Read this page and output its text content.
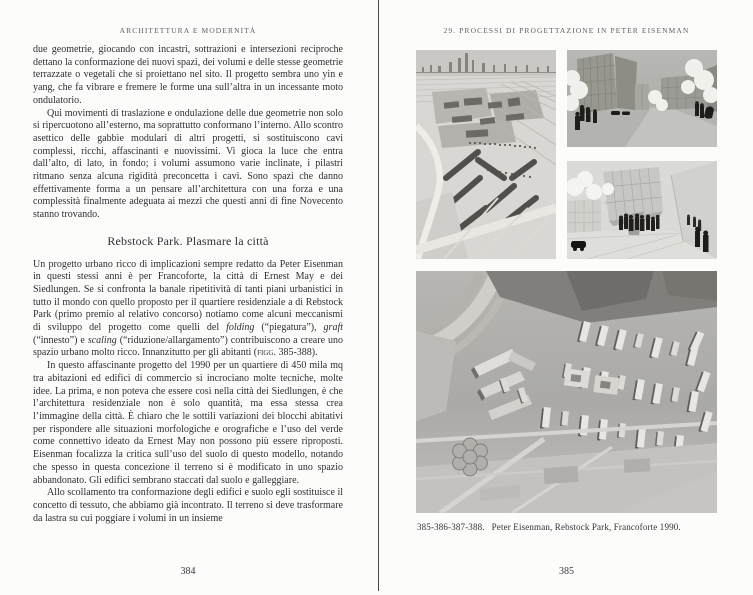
ARCHITETTURA E MODERNITÀ

due geometrie, giocando con incastri, sottrazioni e intersezioni reciproche dettano la conformazione dei nuovi spazi, dei volumi e delle stesse geometrie terrazzate o vegetali che si proiettano nel sito. Il progetto sembra uno yin e yang, che fa vibrare e fremere le forme una sull’altra in un incessante moto ondulatorio.

Qui movimenti di traslazione e ondulazione delle due geometrie non solo si ripercuotono all’esterno, ma soprattutto conformano l’interno. Allo scontro asettico delle gabbie modulari di altri progetti, si sostituiscono cavi complessi, ricchi, affascinanti e nuovissimi. Vi gioca la luce che entra dall’alto, di lato, in fondo; i volumi assumono varie inclinate, i pilastri ritmano senza alcuna rigidità preconcetta i cavi. Sono spazi che danno effettivamente forma a un pensare all’architettura con una forza e una complessità finalmente adeguata ai mezzi che questi anni di fine Novecento stanno trovando.

Rebstock Park. Plasmare la città

Un progetto urbano ricco di implicazioni sempre redatto da Peter Eisenman in questi stessi anni è per Francoforte, la città di Ernest May e dei Siedlungen. Se si confronta la banale ripetitività di tanti piani urbanistici in tutto il mondo con quello proposto per il quartiere residenziale a di Rebstock Park (primo premio al relativo concorso) notiamo come alcuni meccanismi di sviluppo del progetto come quelli del folding (“piegatura”), graft (“innesto”) e scaling (“riduzione/allargamento”) contribuiscono a creare uno spazio urbano molto ricco. Innanzitutto per gli abitanti (figg. 385-388).

In questo affascinante progetto del 1990 per un quartiere di 450 mila mq tra abitazioni ed edifici di commercio si incrociano molte tecniche, molte idee. La prima, e non poteva che essere così nella città dei Siedlungen, è che l’architettura residenziale non è solo quantità, ma essa stessa crea l’immagine della città. È chiaro che le sottili variazioni dei blocchi abitativi per rispondere alle situazioni morfologiche e orografiche e l’uso del verde come connettivo ideato da Ernest May non possono più essere riproposti. Eisenman focalizza la critica sull’uso del suolo di questo modello, notando che spesso in questa concezione il terreno si è modificato in uno spazio abbandonato. Gli edifici sembrano staccati dal suolo e galleggiare.

Allo scollamento tra conformazione degli edifici e suolo egli sostituisce il concetto di tessuto, che abbiamo già incontrato. Il terreno si deve trasformare da lastra su cui poggiare i volumi in un insieme

384
29. PROCESSI DI PROGETTAZIONE IN PETER EISENMAN
385-386-387-388. Peter Eisenman, Rebstock Park, Francoforte 1990.
385
